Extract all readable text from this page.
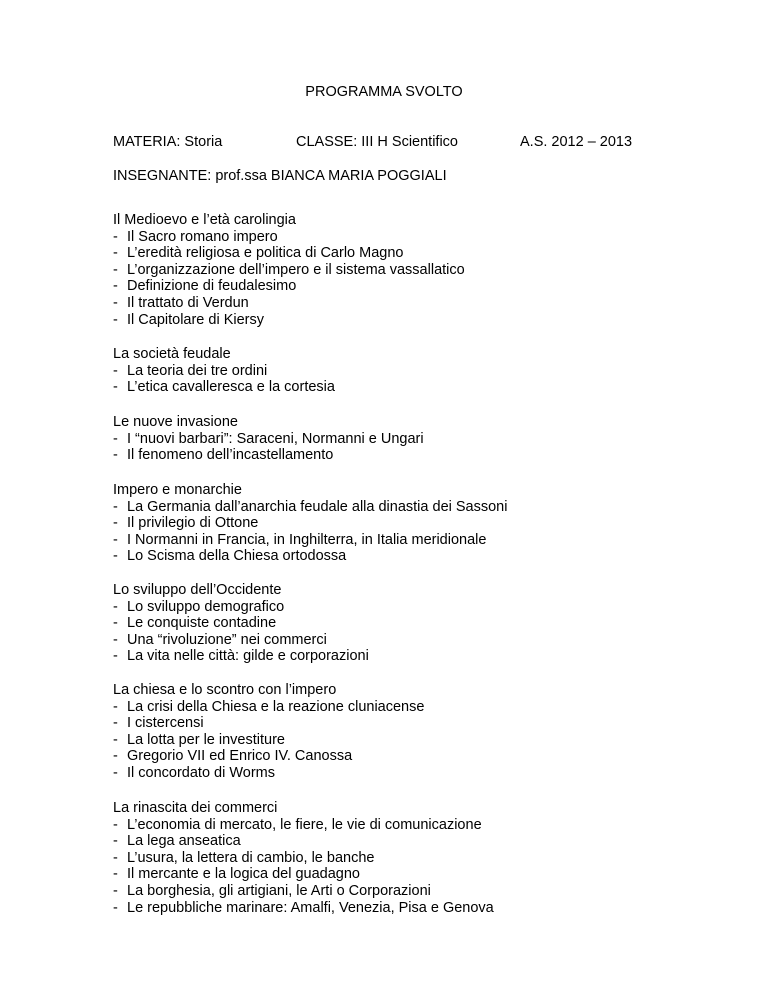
PROGRAMMA SVOLTO
MATERIA: Storia	CLASSE: III H Scientifico	A.S. 2012 – 2013
INSEGNANTE: prof.ssa BIANCA MARIA POGGIALI
Il Medioevo e l’età carolingia
- Il Sacro romano impero
- L’eredità religiosa e politica di Carlo Magno
- L’organizzazione dell’impero e il sistema vassallatico
- Definizione di feudalesimo
- Il trattato di Verdun
- Il Capitolare di Kiersy
La società feudale
- La teoria dei tre ordini
- L’etica cavalleresca e la cortesia
Le nuove invasione
- I “nuovi barbari”: Saraceni, Normanni e Ungari
- Il fenomeno dell’incastellamento
Impero e monarchie
- La Germania dall’anarchia feudale alla dinastia dei Sassoni
- Il privilegio di Ottone
- I Normanni in Francia, in Inghilterra, in Italia meridionale
- Lo Scisma della Chiesa ortodossa
Lo sviluppo dell’Occidente
- Lo sviluppo demografico
- Le conquiste contadine
- Una “rivoluzione” nei commerci
- La vita nelle città: gilde e corporazioni
La chiesa e lo scontro con l’impero
- La crisi della Chiesa e la reazione cluniacense
- I cistercensi
- La lotta per le investiture
- Gregorio VII ed Enrico IV. Canossa
- Il concordato di Worms
La rinascita dei commerci
- L’economia di mercato, le fiere, le vie di comunicazione
- La lega anseatica
- L’usura, la lettera di cambio, le banche
- Il mercante e la logica del guadagno
- La borghesia, gli artigiani, le Arti o Corporazioni
- Le repubbliche marinare: Amalfi, Venezia, Pisa e Genova
